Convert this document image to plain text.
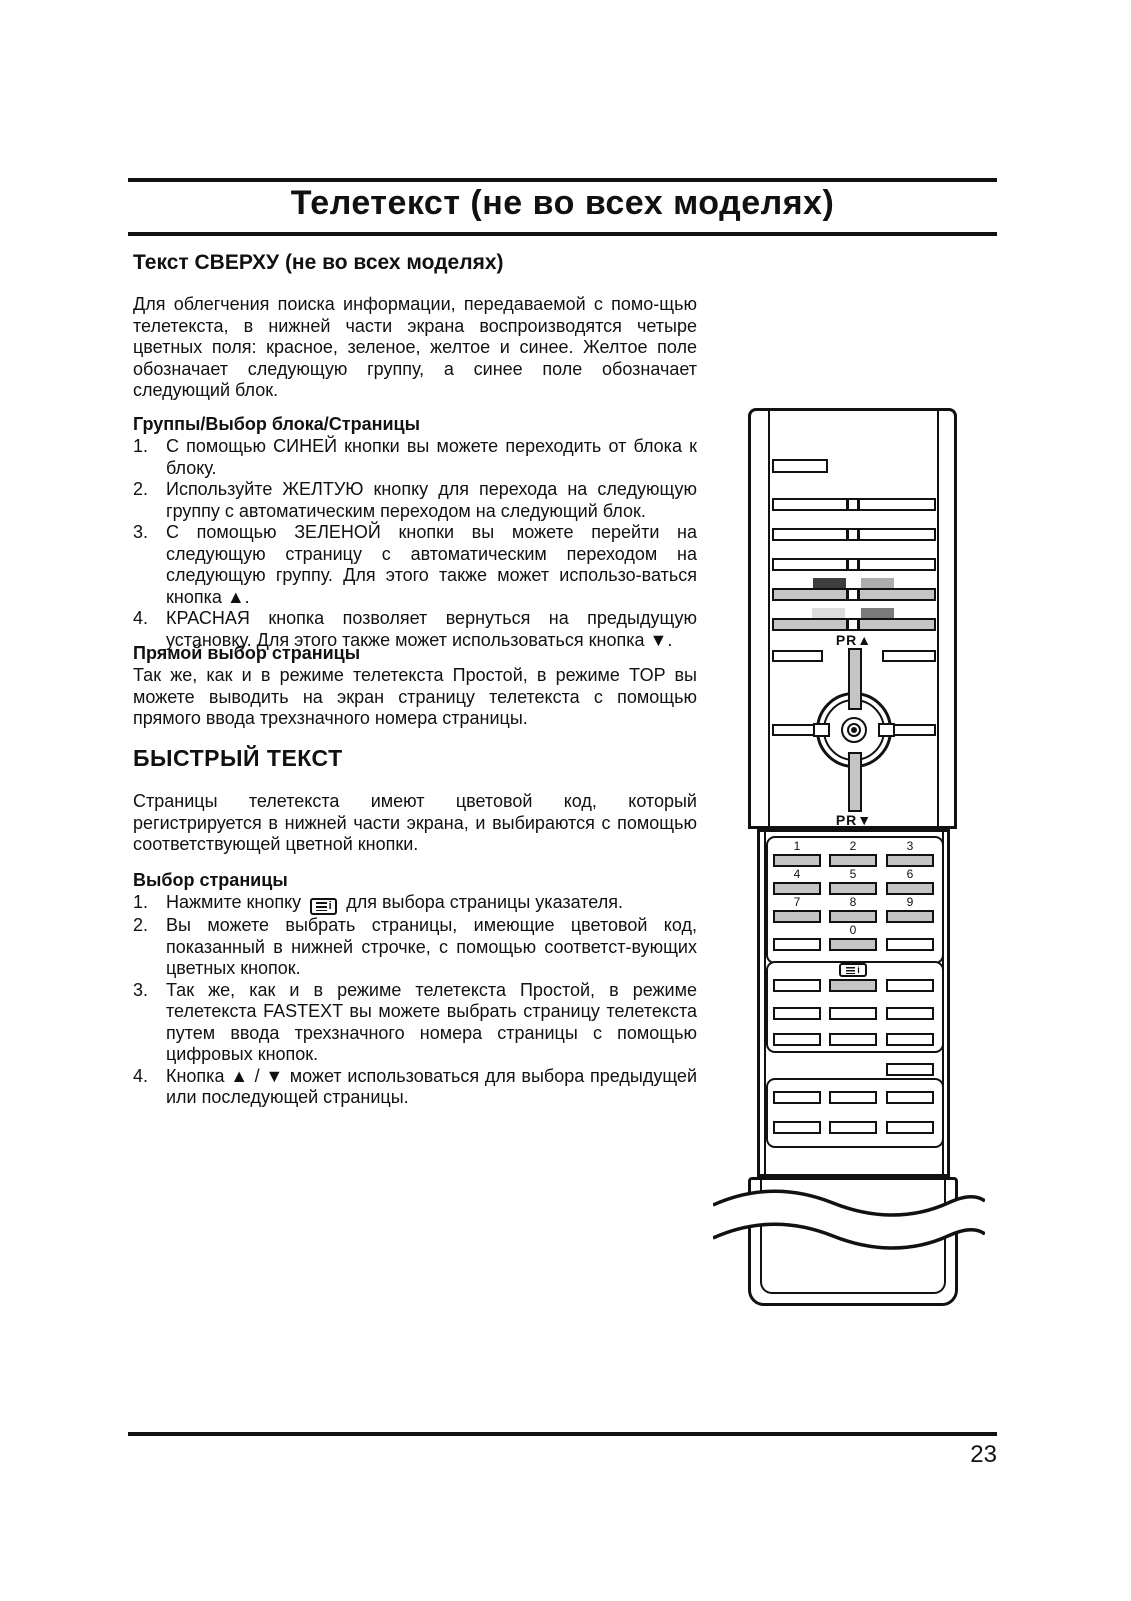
Телетекст (не во всех моделях)
Текст СВЕРХУ (не во всех моделях)

Для облегчения поиска информации, передаваемой с помо-щью телетекста, в нижней части экрана воспроизводятся четыре цветных поля: красное, зеленое, желтое и синее. Желтое поле обозначает следующую группу, а синее поле обозначает следующий блок.

Группы/Выбор блока/Страницы
1. С помощью СИНЕЙ кнопки вы можете переходить от блока к блоку.
2. Используйте ЖЕЛТУЮ кнопку для перехода на следующую группу с автоматическим переходом на следующий блок.
3. С помощью ЗЕЛЕНОЙ кнопки вы можете перейти на следующую страницу с автоматическим переходом на следующую группу. Для этого также может использо-ваться кнопка ▲.
4. КРАСНАЯ кнопка позволяет вернуться на предыдущую установку. Для этого также может использоваться кнопка ▼.
Прямой выбор страницы

Так же, как и в режиме телетекста Простой, в режиме TOP вы можете выводить на экран страницу телетекста с помощью прямого ввода трехзначного номера страницы.

БЫСТРЫЙ ТЕКСТ

Страницы телетекста имеют цветовой код, который регистрируется в нижней части экрана, и выбираются с помощью соответствующей цветной кнопки.

Выбор страницы
1. Нажмите кнопку i для выбора страницы указателя.
2. Вы можете выбрать страницы, имеющие цветовой код, показанный в нижней строчке, с помощью соответст-вующих цветных кнопок.
3. Так же, как и в режиме телетекста Простой, в режиме телетекста FASTEXT вы можете выбрать страницу телетекста путем ввода трехзначного номера страницы с помощью цифровых кнопок.
4. Кнопка ▲ / ▼ может использоваться для выбора предыдущей или последующей страницы.
PR▲
PR▼
1	2	3
4	5	6
7	8	9
0
i
23
